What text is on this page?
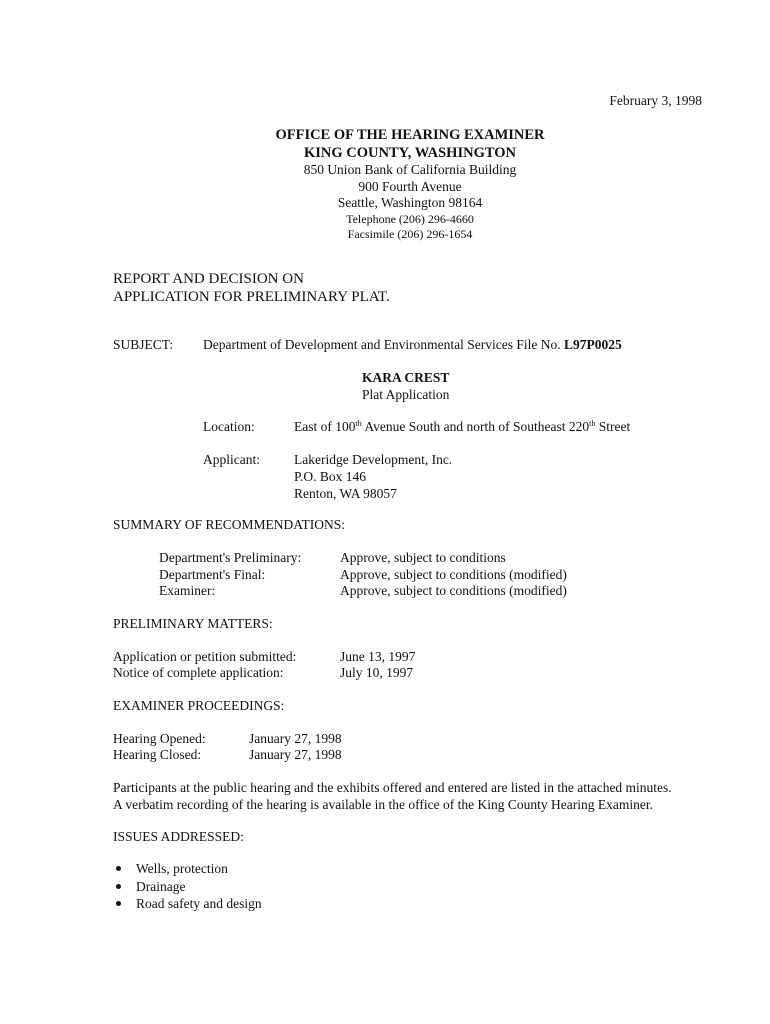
February 3, 1998
OFFICE OF THE HEARING EXAMINER
KING COUNTY, WASHINGTON
850 Union Bank of California Building
900 Fourth Avenue
Seattle, Washington 98164
Telephone (206) 296-4660
Facsimile (206) 296-1654
REPORT AND DECISION ON
APPLICATION FOR PRELIMINARY PLAT.
SUBJECT: Department of Development and Environmental Services File No. L97P0025
KARA CREST
Plat Application
Location:	East of 100th Avenue South and north of Southeast 220th Street
Applicant:	Lakeridge Development, Inc.
P.O. Box 146
Renton, WA 98057
SUMMARY OF RECOMMENDATIONS:
Department's Preliminary:	Approve, subject to conditions
Department's Final:	Approve, subject to conditions (modified)
Examiner:	Approve, subject to conditions (modified)
PRELIMINARY MATTERS:
Application or petition submitted:	June 13, 1997
Notice of complete application:	July 10, 1997
EXAMINER PROCEEDINGS:
Hearing Opened:	January 27, 1998
Hearing Closed:	January 27, 1998
Participants at the public hearing and the exhibits offered and entered are listed in the attached minutes.
A verbatim recording of the hearing is available in the office of the King County Hearing Examiner.
ISSUES ADDRESSED:
Wells, protection
Drainage
Road safety and design
